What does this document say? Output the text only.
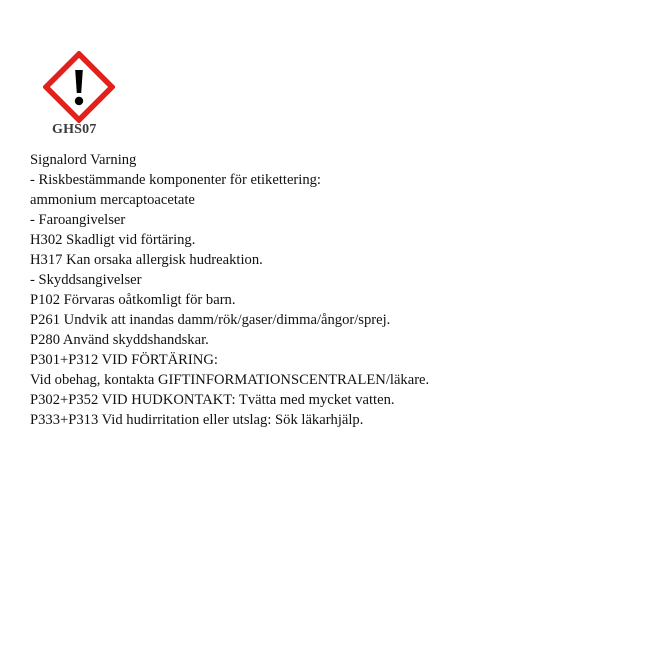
GHS07
Signalord Varning
- Riskbestämmande komponenter för etikettering:
ammonium mercaptoacetate
- Faroangivelser
H302 Skadligt vid förtäring.
H317 Kan orsaka allergisk hudreaktion.
- Skyddsangivelser
P102 Förvaras oåtkomligt för barn.
P261 Undvik att inandas damm/rök/gaser/dimma/ångor/sprej.
P280 Använd skyddshandskar.
P301+P312 VID FÖRTÄRING:
Vid obehag, kontakta GIFTINFORMATIONSCENTRALEN/läkare.
P302+P352 VID HUDKONTAKT: Tvätta med mycket vatten.
P333+P313 Vid hudirritation eller utslag: Sök läkarhjälp.
